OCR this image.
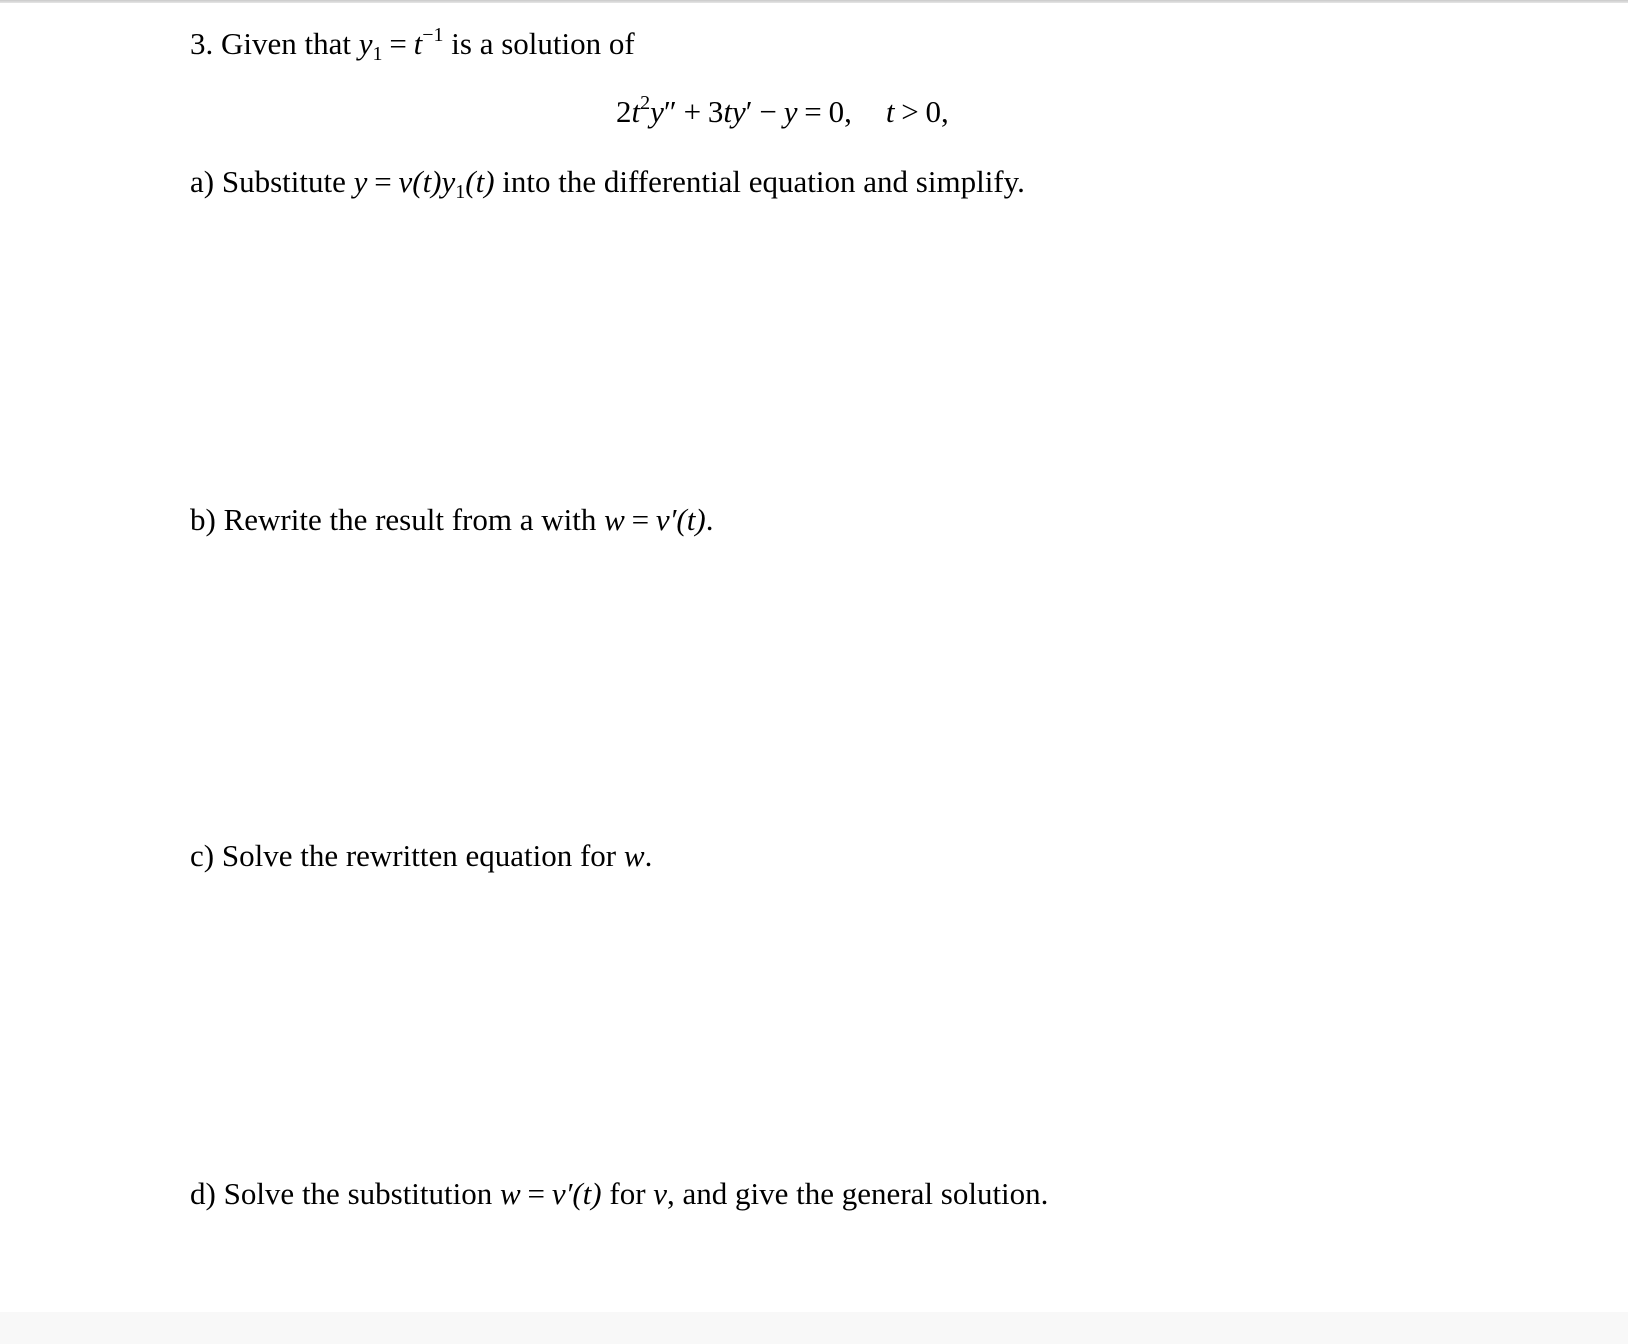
3. Given that $y_1 = t^{-1}$ is a solution of
$2t^2y'' + 3ty' - y = 0$, t > 0,
a) Substitute $y = v(t)y_1(t)$ into the differential equation and simplify.
b) Rewrite the result from a with w = v′(t).
c) Solve the rewritten equation for w.
d) Solve the substitution w = v′(t) for v, and give the general solution.
